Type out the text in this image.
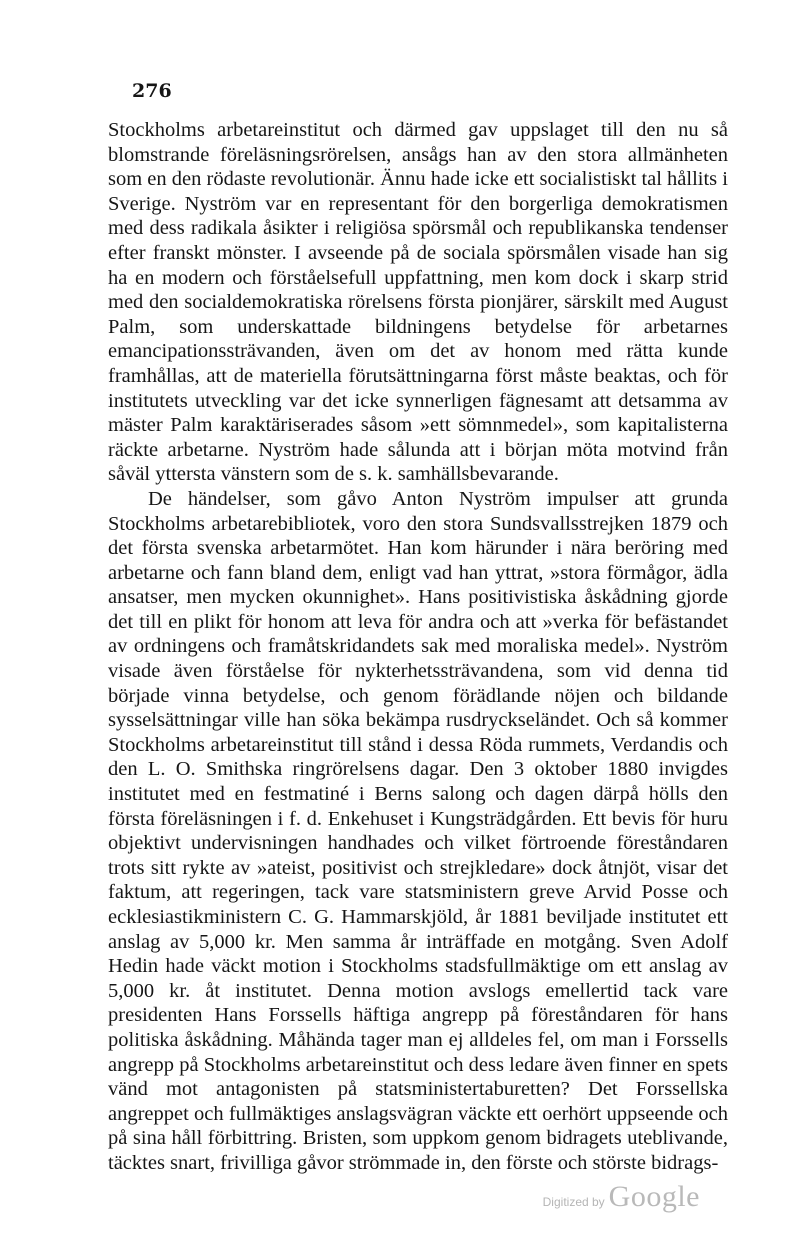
276

Stockholms arbetareinstitut och därmed gav uppslaget till den nu så blomstrande föreläsningsrörelsen, ansågs han av den stora allmänheten som en den rödaste revolutionär. Ännu hade icke ett socialistiskt tal hållits i Sverige. Nyström var en representant för den borgerliga demokratismen med dess radikala åsikter i religiösa spörsmål och republikanska tendenser efter franskt mönster. I avseende på de sociala spörsmålen visade han sig ha en modern och förståelsefull uppfattning, men kom dock i skarp strid med den socialdemokratiska rörelsens första pionjärer, särskilt med August Palm, som underskattade bildningens betydelse för arbetarnes emancipationssträvanden, även om det av honom med rätta kunde framhållas, att de materiella förutsättningarna först måste beaktas, och för institutets utveckling var det icke synnerligen fägnesamt att detsamma av mäster Palm karaktäriserades såsom »ett sömnmedel», som kapitalisterna räckte arbetarne. Nyström hade sålunda att i början möta motvind från såväl yttersta vänstern som de s. k. samhällsbevarande.

De händelser, som gåvo Anton Nyström impulser att grunda Stockholms arbetarebibliotek, voro den stora Sundsvallsstrejken 1879 och det första svenska arbetarmötet. Han kom härunder i nära beröring med arbetarne och fann bland dem, enligt vad han yttrat, »stora förmågor, ädla ansatser, men mycken okunnighet». Hans positivistiska åskådning gjorde det till en plikt för honom att leva för andra och att »verka för befästandet av ordningens och framåtskridandets sak med moraliska medel». Nyström visade även förståelse för nykterhetssträvandena, som vid denna tid började vinna betydelse, och genom förädlande nöjen och bildande sysselsättningar ville han söka bekämpa rusdryckseländet. Och så kommer Stockholms arbetareinstitut till stånd i dessa Röda rummets, Verdandis och den L. O. Smithska ringrörelsens dagar. Den 3 oktober 1880 invigdes institutet med en festmatiné i Berns salong och dagen därpå hölls den första föreläsningen i f. d. Enkehuset i Kungsträdgården. Ett bevis för huru objektivt undervisningen handhades och vilket förtroende föreståndaren trots sitt rykte av »ateist, positivist och strejkledare» dock åtnjöt, visar det faktum, att regeringen, tack vare statsministern greve Arvid Posse och ecklesiastikministern C. G. Hammarskjöld, år 1881 beviljade institutet ett anslag av 5,000 kr. Men samma år inträffade en motgång. Sven Adolf Hedin hade väckt motion i Stockholms stadsfullmäktige om ett anslag av 5,000 kr. åt institutet. Denna motion avslogs emellertid tack vare presidenten Hans Forssells häftiga angrepp på föreståndaren för hans politiska åskådning. Måhända tager man ej alldeles fel, om man i Forssells angrepp på Stockholms arbetareinstitut och dess ledare även finner en spets vänd mot antagonisten på statsministertaburetten? Det Forssellska angreppet och fullmäktiges anslagsvägran väckte ett oerhört uppseende och på sina håll förbittring. Bristen, som uppkom genom bidragets uteblivande, täcktes snart, frivilliga gåvor strömmade in, den förste och störste bidrags-

Digitized by Google
